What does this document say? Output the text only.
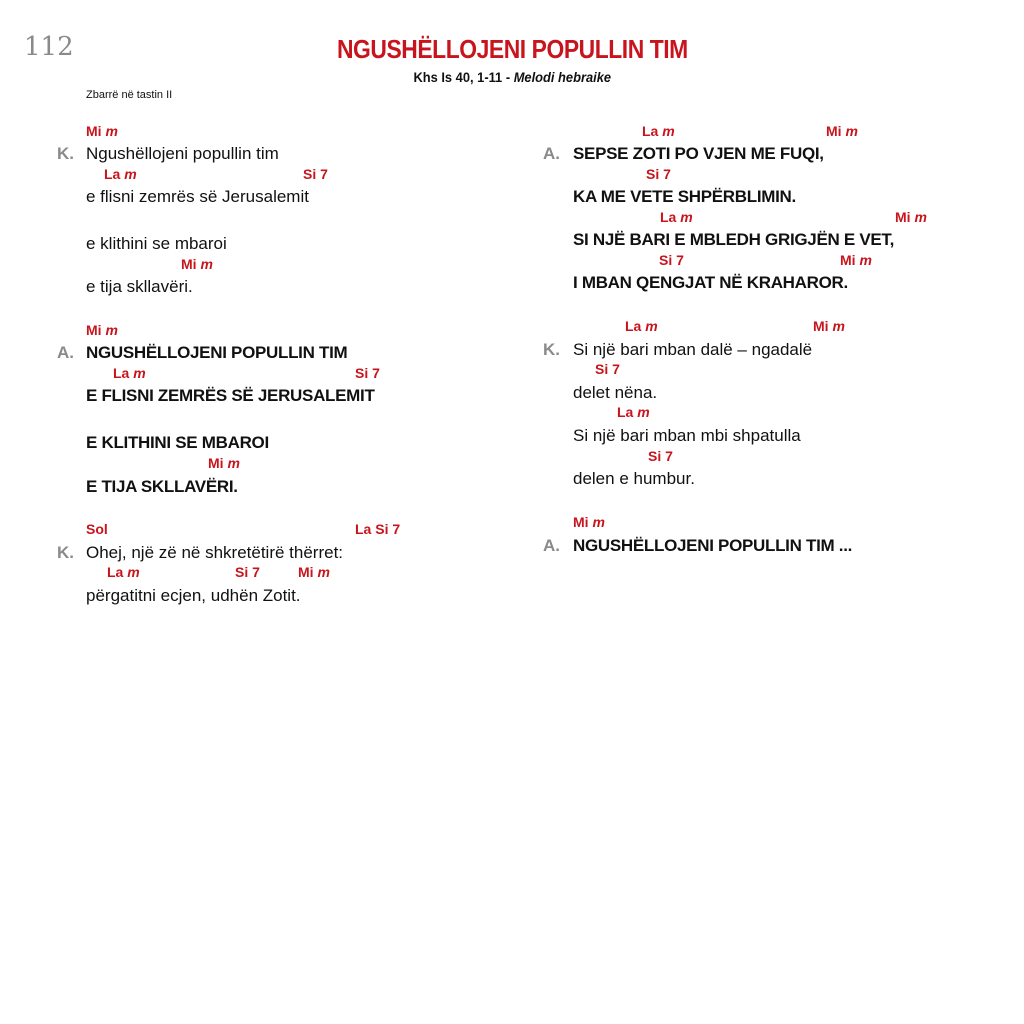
112	NGUSHËLLOJENI POPULLIN TIM
Khs Is 40, 1-11 - Melodi hebraike
Zbarrë në tastin II
Mi m
K. Ngushëllojeni popullin tim
La m	Si 7
e flisni zemrës së Jerusalemit
e klithini se mbaroi
Mi m
e tija skllavëri.
Mi m
A. NGUSHËLLOJENI POPULLIN TIM
La m	Si 7
E FLISNI ZEMRËS SË JERUSALEMIT
E KLITHINI SE MBAROI
Mi m
E TIJA SKLLAVËRI.
Sol	La Si 7
K. Ohej, një zë në shkretëtirë thërret:
La m	Si 7	Mi m
përgatitni ecjen, udhën Zotit.
La m	Mi m
A. SEPSE ZOTI PO VJEN ME FUQI,
Si 7
KA ME VETE SHPËRBLIMIN.
La m	Mi m
SI NJË BARI E MBLEDH GRIGJËN E VET,
Si 7	Mi m
I MBAN QENGJAT NË KRAHAROR.
La m	Mi m
K. Si një bari mban dalë – ngadalë
Si 7
delet nëna.
La m
Si një bari mban mbi shpatulla
Si 7
delen e humbur.
Mi m
A. NGUSHËLLOJENI POPULLIN TIM ...
